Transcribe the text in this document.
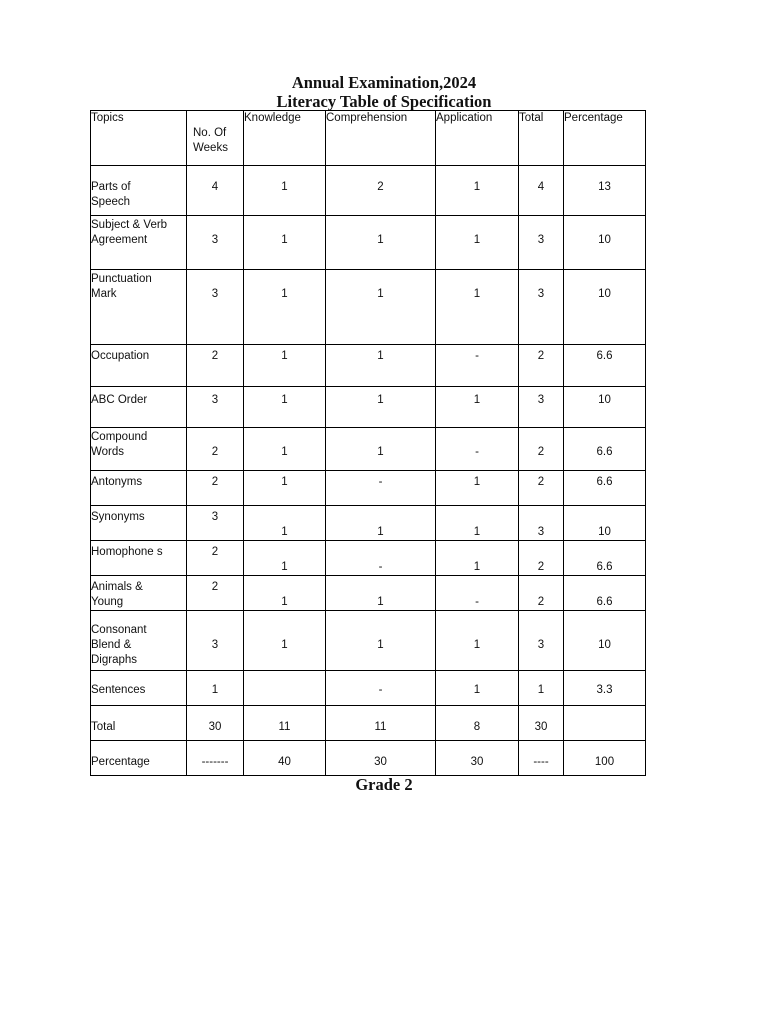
Annual Examination,2024
Literacy Table of Specification
Topics	No. Of Weeks	Knowledge	Comprehension	Application	Total	Percentage

Parts of Speech	4	1	2	1	4	13

Subject & Verb Agreement	3	1	1	1	3	10

Punctuation Mark	3	1	1	1	3	10

Occupation	2	1	1	-	2	6.6

ABC Order	3	1	1	1	3	10

Compound Words	2	1	1	-	2	6.6

Antonyms	2	1	-	1	2	6.6

Synonyms	3	1	1	1	3	10

Homophone s	2	1	-	1	2	6.6

Animals & Young	2	1	1	-	2	6.6

Consonant Blend & Digraphs	3	1	1	1	3	10

Sentences	1		-	1	1	3.3

Total	30	11	11	8	30	

Percentage	-------	40	30	30	----	100
Grade 2
